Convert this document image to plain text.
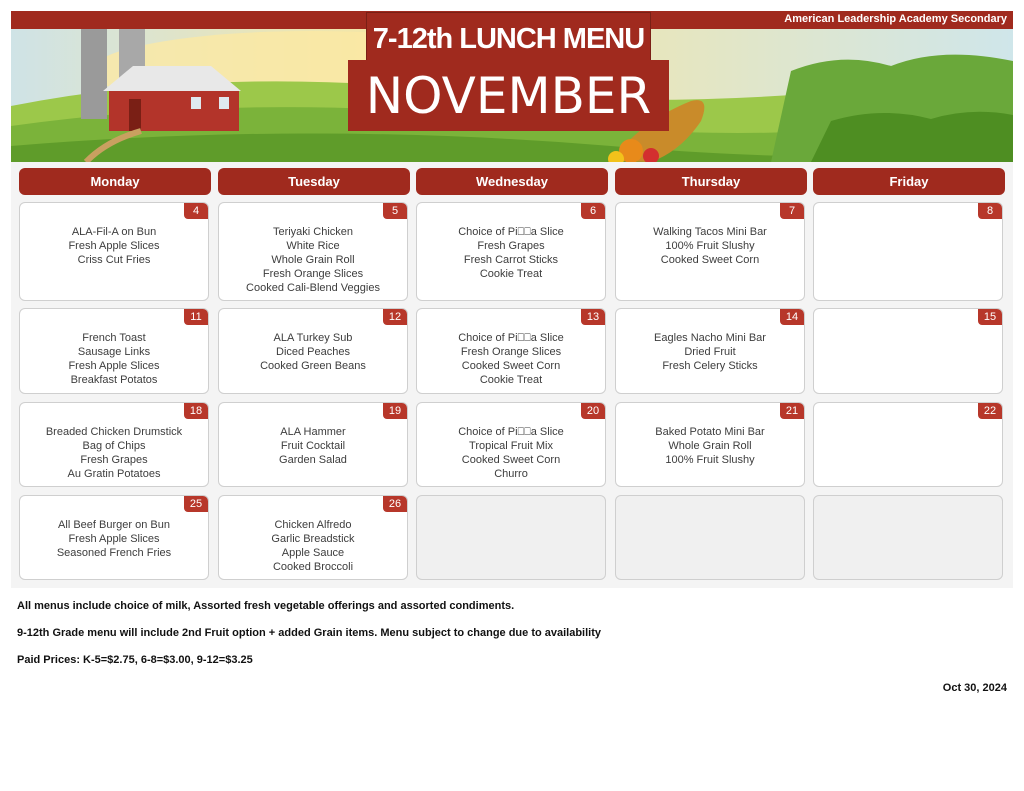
American Leadership Academy Secondary
7-12th LUNCH MENU
NOVEMBER
Monday	Tuesday	Wednesday	Thursday	Friday
4
ALA-Fil-A on Bun
Fresh Apple Slices
Criss Cut Fries
5
Teriyaki Chicken
White Rice
Whole Grain Roll
Fresh Orange Slices
Cooked Cali-Blend Veggies
6
Choice of Pi⎕⎕a Slice
Fresh Grapes
Fresh Carrot Sticks
Cookie Treat
7
Walking Tacos Mini Bar
100% Fruit Slushy
Cooked Sweet Corn
8
11
French Toast
Sausage Links
Fresh Apple Slices
Breakfast Potatos
12
ALA Turkey Sub
Diced Peaches
Cooked Green Beans
13
Choice of Pi⎕⎕a Slice
Fresh Orange Slices
Cooked Sweet Corn
Cookie Treat
14
Eagles Nacho Mini Bar
Dried Fruit
Fresh Celery Sticks
15
18
Breaded Chicken Drumstick
Bag of Chips
Fresh Grapes
Au Gratin Potatoes
19
ALA Hammer
Fruit Cocktail
Garden Salad
20
Choice of Pi⎕⎕a Slice
Tropical Fruit Mix
Cooked Sweet Corn
Churro
21
Baked Potato Mini Bar
Whole Grain Roll
100% Fruit Slushy
22
25
All Beef Burger on Bun
Fresh Apple Slices
Seasoned French Fries
26
Chicken Alfredo
Garlic Breadstick
Apple Sauce
Cooked Broccoli
All menus include choice of milk, Assorted fresh vegetable offerings and assorted condiments.
9-12th Grade menu will include 2nd Fruit option + added Grain items. Menu subject to change due to availability
Paid Prices: K-5=$2.75, 6-8=$3.00, 9-12=$3.25
Oct 30, 2024
